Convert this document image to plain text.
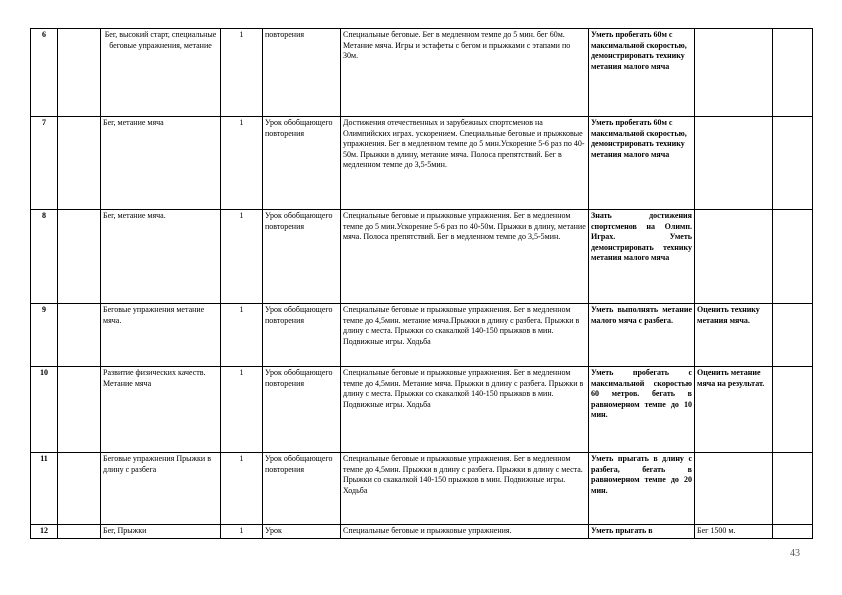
6		Бег, высокий старт, специальные беговые упражнения, метание	1	повторения	Специальные беговые. Бег в медленном темпе до 5 мин. бег 60м. Метание мяча. Игры и эстафеты с бегом и прыжками с этапами по 30м.	Уметь пробегать 60м с максимальной скоростью, демонстрировать технику метания малого мяча		
7		Бег, метание мяча	1	Урок обобщающего повторения	Достижения отечественных и зарубежных спортсменов на Олимпийских играх. ускорением. Специальные беговые и прыжковые упражнения. Бег в медленном темпе до 5 мин.Ускорение 5-6 раз по 40-50м. Прыжки в длину, метание мяча. Полоса препятствий. Бег в медленном темпе до 3,5-5мин.	Уметь пробегать 60м с максимальной скоростью, демонстрировать технику метания малого мяча		
8		Бег, метание мяча.	1	Урок обобщающего повторения	Специальные беговые и прыжковые упражнения. Бег в медленном темпе до 5 мин.Ускорение 5-6 раз по 40-50м. Прыжки в длину, метание мяча. Полоса препятствий. Бег в медленном темпе до 3,5-5мин.	Знать достижения спортсменов на Олимп. Играх. Уметь демонстрировать технику метания малого мяча		
9		Беговые упражнения метание мяча.	1	Урок обобщающего повторения	Специальные беговые и прыжковые упражнения. Бег в медленном темпе до 4,5мин. метание мяча.Прыжки в длину с разбега. Прыжки в длину с места. Прыжки со скакалкой 140-150 прыжков в мин. Подвижные игры. Ходьба	Уметь выполнять метание малого мяча с разбега.	Оценить технику метания мяча.	
10		Развитие физических качеств. Метание мяча	1	Урок обобщающего повторения	Специальные беговые и прыжковые упражнения. Бег в медленном темпе до 4,5мин. Метание мяча. Прыжки в длину с разбега. Прыжки в длину с места. Прыжки со скакалкой 140-150 прыжков в мин. Подвижные игры. Ходьба	Уметь пробегать с максимальной скоростью 60 метров. бегать в равномерном темпе до 10 мин.	Оценить метание мяча на результат.	
11		Беговые упражнения Прыжки в длину с разбега	1	Урок обобщающего повторения	Специальные беговые и прыжковые упражнения. Бег в медленном темпе до 4,5мин. Прыжки в длину с разбега. Прыжки в длину с места. Прыжки со скакалкой 140-150 прыжков в мин. Подвижные игры. Ходьба	Уметь прыгать в длину с разбега, бегать в равномерном темпе до 20 мин.		
12		Бег, Прыжки	1	Урок	Специальные беговые и прыжковые упражнения.	Уметь прыгать в	Бег 1500 м.	
43
